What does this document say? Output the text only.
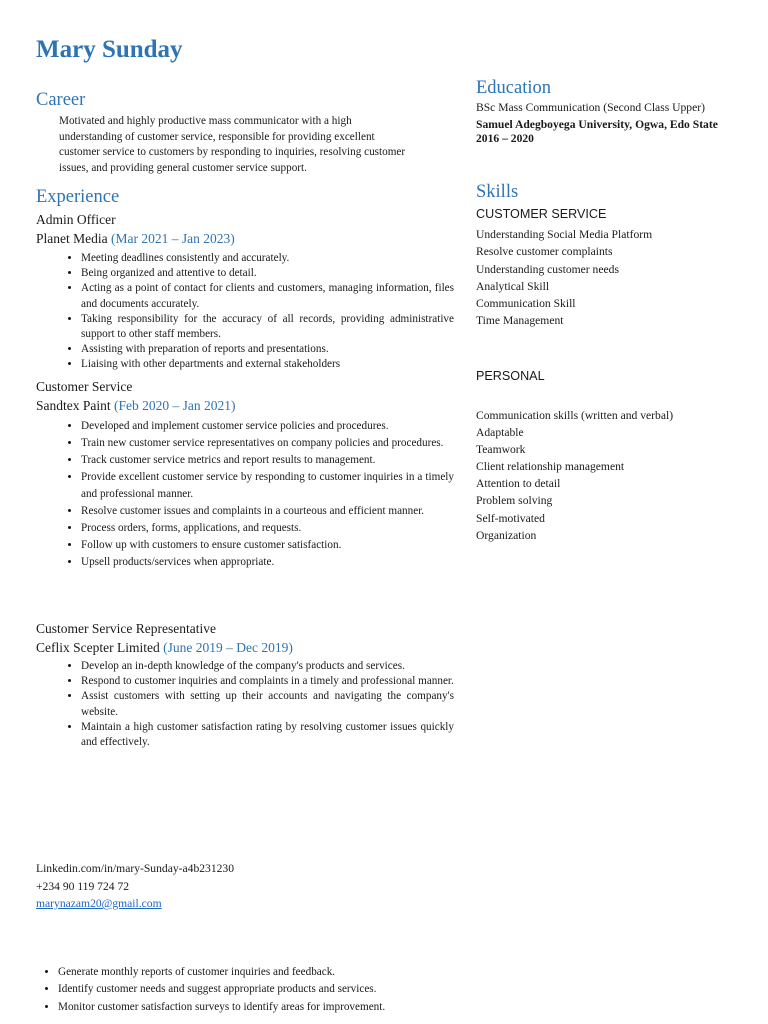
Mary Sunday
Career

Motivated and highly productive mass communicator with a high understanding of customer service, responsible for providing excellent customer service to customers by responding to inquiries, resolving customer issues, and providing general customer service support.

Experience

Admin Officer

Planet Media (Mar 2021 – Jan 2023)

• Meeting deadlines consistently and accurately.
• Being organized and attentive to detail.
• Acting as a point of contact for clients and customers, managing information, files and documents accurately.
• Taking responsibility for the accuracy of all records, providing administrative support to other staff members.
• Assisting with preparation of reports and presentations.
• Liaising with other departments and external stakeholders

Customer Service

Sandtex Paint (Feb 2020 – Jan 2021)

• Developed and implement customer service policies and procedures.
• Train new customer service representatives on company policies and procedures.
• Track customer service metrics and report results to management.
• Provide excellent customer service by responding to customer inquiries in a timely and professional manner.
• Resolve customer issues and complaints in a courteous and efficient manner.
• Process orders, forms, applications, and requests.
• Follow up with customers to ensure customer satisfaction.
• Upsell products/services when appropriate.

Customer Service Representative

Ceflix Scepter Limited (June 2019 – Dec 2019)

• Develop an in-depth knowledge of the company's products and services.
• Respond to customer inquiries and complaints in a timely and professional manner.
• Assist customers with setting up their accounts and navigating the company's website.
• Maintain a high customer satisfaction rating by resolving customer issues quickly and effectively.

Linkedin.com/in/mary-Sunday-a4b231230

+234 90 119 724 72

marynazam20@gmail.com

• Generate monthly reports of customer inquiries and feedback.
• Identify customer needs and suggest appropriate products and services.
• Monitor customer satisfaction surveys to identify areas for improvement.
Education

BSc Mass Communication (Second Class Upper)

Samuel Adegboyega University, Ogwa, Edo State

2016 – 2020

Skills

CUSTOMER SERVICE

Understanding Social Media Platform
Resolve customer complaints
Understanding customer needs
Analytical Skill
Communication Skill
Time Management

PERSONAL

Communication skills (written and verbal)
Adaptable
Teamwork
Client relationship management
Attention to detail
Problem solving
Self-motivated
Organization
